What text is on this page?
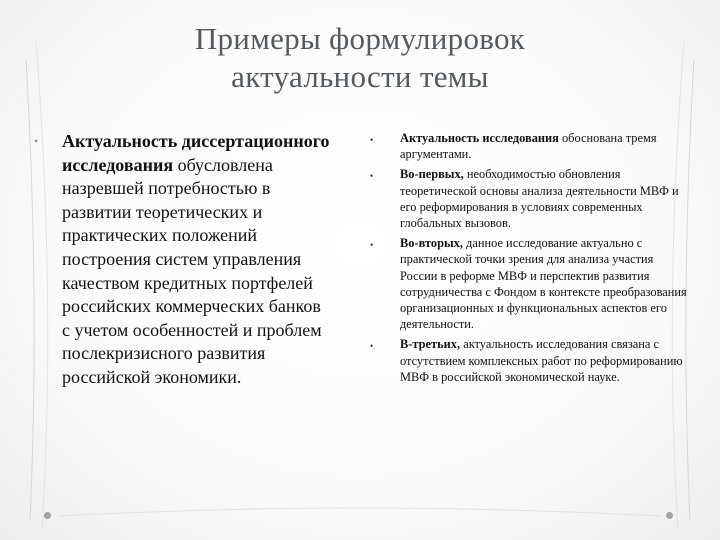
Примеры формулировок
актуальности темы
• Актуальность диссертационного исследования обусловлена назревшей потребностью в развитии теоретических и практических положений построения систем управления качеством кредитных портфелей российских коммерческих банков с учетом особенностей и проблем послекризисного развития российской экономики.
• Актуальность исследования обоснована тремя аргументами.
• Во-первых, необходимостью обновления теоретической основы анализа деятельности МВФ и его реформирования в условиях современных глобальных вызовов.
• Во-вторых, данное исследование актуально с практической точки зрения для анализа участия России в реформе МВФ и перспектив развития сотрудничества с Фондом в контексте преобразования организационных и функциональных аспектов его деятельности.
• В-третьих, актуальность исследования связана с отсутствием комплексных работ по реформированию МВФ в российской экономической науке.
